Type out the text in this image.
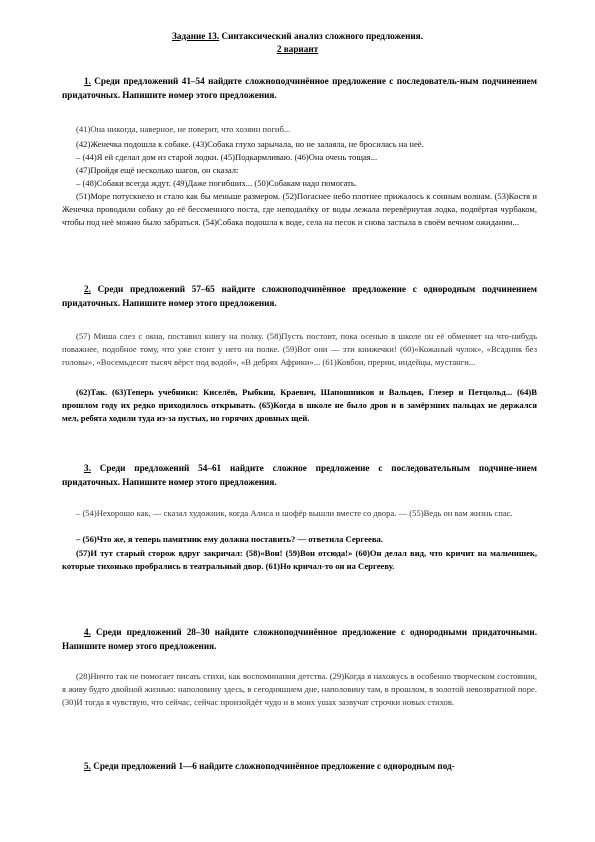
Задание 13. Синтаксический анализ сложного предложения.
2 вариант
1. Среди предложений 41–54 найдите сложноподчинённое предложение с последователь-ным подчинением придаточных. Напишите номер этого предложения.
(41)Она никогда, наверное, не поверит, что хозяин погиб...
(42)Женечка подошла к собаке. (43)Собака глухо зарычала, но не залаяла, не бросилась на неё.
– (44)Я ей сделал дом из старой лодки. (45)Подкармливаю. (46)Она очень тощая...
(47)Пройдя ещё несколько шагов, он сказал:
– (48)Собаки всегда ждут. (49)Даже погибших... (50)Собакам надо помогать.
(51)Море потускнело и стало как бы меньше размером. (52)Погаснее небо плотнее прижалось к сонным волнам. (53)Костя и Женечка проводили собаку до её бессменного поста, где неподалёку от воды лежала перевёрнутая лодка, подпёртая чурбаком, чтобы под неё можно было забраться. (54)Собака подошла к воде, села на песок и снова застыла в своём вечном ожидании...
2. Среди предложений 57–65 найдите сложноподчинённое предложение с однородным подчинением придаточных. Напишите номер этого предложения.
(57) Миша слез с окна, поставил книгу на полку. (58)Пусть постоит, пока осенью в школе он её обменяет на что-нибудь поважнее, подобное тому, что уже стоит у него на полке. (59)Вот они — эти книжечки! (60)«Кожаный чулок», «Всадник без головы», «Восемьдесят тысяч вёрст под водой», «В дебрях Африки»... (61)Ковбои, прерии, индейцы, мустанги...
(62)Так. (63)Теперь учебники: Киселёв, Рыбкин, Краевич, Шапошников и Вальцев, Глезер и Петцольд... (64)В прошлом году их редко приходилось открывать. (65)Когда в школе не было дров и в замёрзших пальцах не держался мел, ребята ходили туда из-за пустых, но горячих дровных щей.
3. Среди предложений 54–61 найдите сложное предложение с последовательным подчине-нием придаточных. Напишите номер этого предложения.
– (54)Нехорошо как, — сказал художник, когда Алиса и шофёр вышли вместе со двора. — (55)Ведь он вам жизнь спас.
– (56)Что же, я теперь памятник ему должна поставить? — ответила Сергеева.
(57)И тут старый сторож вдруг закричал: (58)«Вон! (59)Вон отсюда!» (60)Он делал вид, что кричит на мальчишек, которые тихонько пробрались в театральный двор. (61)Но кричал-то он на Сергееву.
4. Среди предложений 28–30 найдите сложноподчинённое предложение с однородными придаточными. Напишите номер этого предложения.
(28)Ничто так не помогает писать стихи, как воспоминания детства. (29)Когда я нахожусь в особенно творческом состоянии, я живу будто двойной жизнью: наполовину здесь, в сегодняшнем дне, наполовину там, в прошлом, в золотой невозвратной поре. (30)И тогда я чувствую, что сейчас, сейчас произойдёт чудо и в моих ушах зазвучат строчки новых стихов.
5. Среди предложений 1—6 найдите сложноподчинённое предложение с однородным под-
